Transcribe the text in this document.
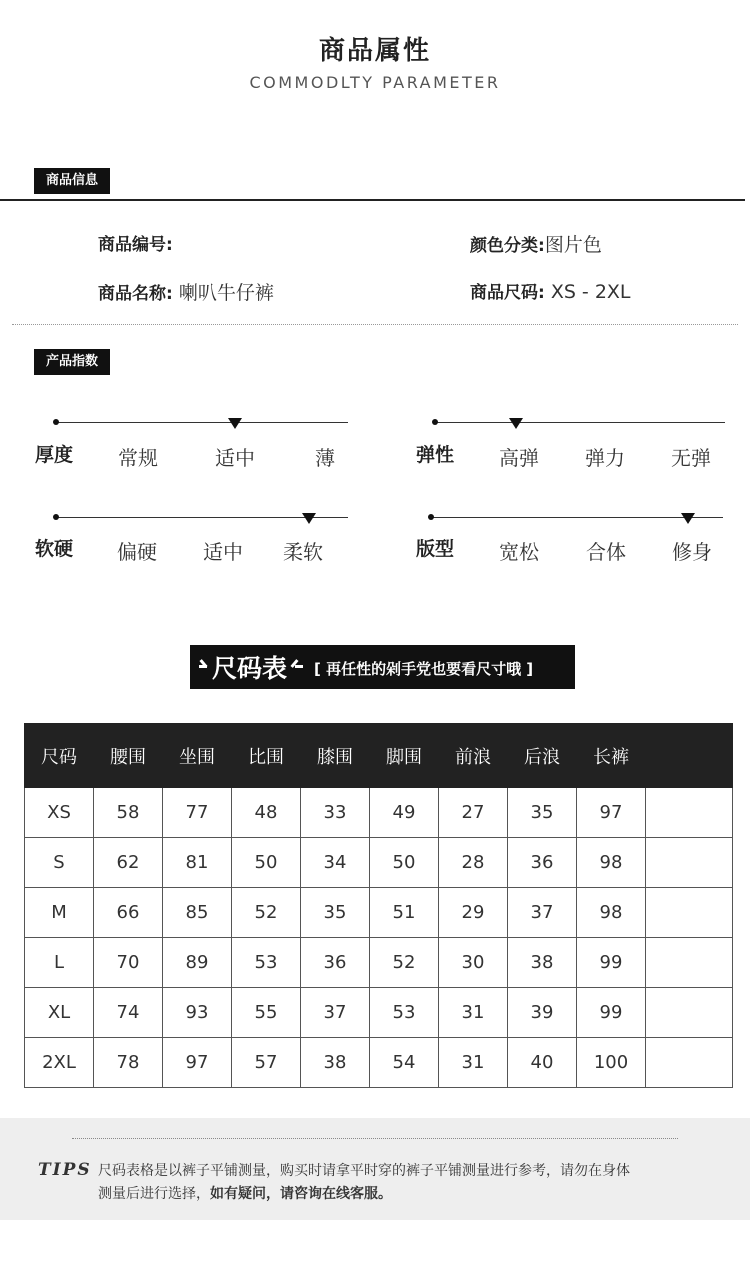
商品属性
COMMODLTY PARAMETER
商品信息
商品编号:	颜色分类:图片色
商品名称: 喇叭牛仔裤	商品尺码: XS - 2XL
产品指数
厚度	常规	适中	薄	弹性	高弹	弹力	无弹
软硬	偏硬	适中	柔软	版型	宽松	合体	修身
尺码表 [ 再任性的剁手党也要看尺寸哦 ]
尺码	腰围	坐围	比围	膝围	脚围	前浪	后浪	长裤	
XS	58	77	48	33	49	27	35	97	
S	62	81	50	34	50	28	36	98	
M	66	85	52	35	51	29	37	98	
L	70	89	53	36	52	30	38	99	
XL	74	93	55	37	53	31	39	99	
2XL	78	97	57	38	54	31	40	100	
TIPS 尺码表格是以裤子平铺测量，购买时请拿平时穿的裤子平铺测量进行参考，请勿在身体
测量后进行选择，如有疑问，请咨询在线客服。
